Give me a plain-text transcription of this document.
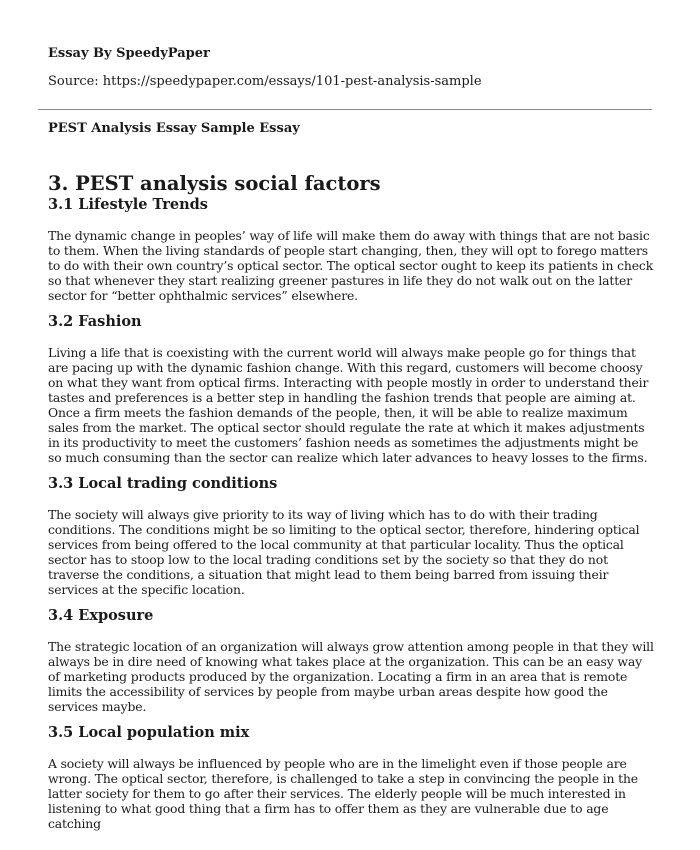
Essay By SpeedyPaper

Source: https://speedypaper.com/essays/101-pest-analysis-sample

PEST Analysis Essay Sample Essay

3. PEST analysis social factors
3.1 Lifestyle Trends

The dynamic change in peoples’ way of life will make them do away with things that are not basic to them. When the living standards of people start changing, then, they will opt to forego matters to do with their own country’s optical sector. The optical sector ought to keep its patients in check so that whenever they start realizing greener pastures in life they do not walk out on the latter sector for “better ophthalmic services” elsewhere.

3.2 Fashion

Living a life that is coexisting with the current world will always make people go for things that are pacing up with the dynamic fashion change. With this regard, customers will become choosy on what they want from optical firms. Interacting with people mostly in order to understand their tastes and preferences is a better step in handling the fashion trends that people are aiming at. Once a firm meets the fashion demands of the people, then, it will be able to realize maximum sales from the market. The optical sector should regulate the rate at which it makes adjustments in its productivity to meet the customers’ fashion needs as sometimes the adjustments might be so much consuming than the sector can realize which later advances to heavy losses to the firms.

3.3 Local trading conditions

The society will always give priority to its way of living which has to do with their trading conditions. The conditions might be so limiting to the optical sector, therefore, hindering optical services from being offered to the local community at that particular locality. Thus the optical sector has to stoop low to the local trading conditions set by the society so that they do not traverse the conditions, a situation that might lead to them being barred from issuing their services at the specific location.

3.4 Exposure

The strategic location of an organization will always grow attention among people in that they will always be in dire need of knowing what takes place at the organization. This can be an easy way of marketing products produced by the organization. Locating a firm in an area that is remote limits the accessibility of services by people from maybe urban areas despite how good the services maybe.

3.5 Local population mix

A society will always be influenced by people who are in the limelight even if those people are wrong. The optical sector, therefore, is challenged to take a step in convincing the people in the latter society for them to go after their services. The elderly people will be much interested in listening to what good thing that a firm has to offer them as they are vulnerable due to age catching
